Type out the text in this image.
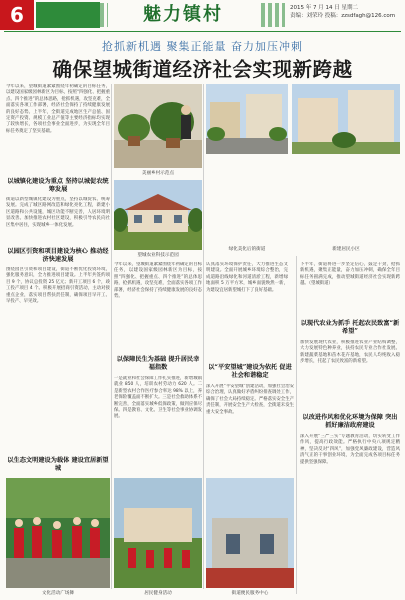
6	魅力镇村	2015 年 7 月 14 日 星期二
责编：刘荣玲 投稿：zzsdfagh@126.com
抢抓新机遇 聚集正能量 奋力加压冲刺
确保望城街道经济社会实现新跨越
今年以来，望城街道紧紧围绕年初确定的目标任务，以建设国家级园林新区为目标，按照“四强化、把握重点、四个推进”的总体思路，抢抓机遇，攻坚克难，全面落实各项工作部署，经济社会保持了持续健康发展的良好态势。上半年，全街道完成地区生产总值、固定资产投资、规模工业总产值等主要经济指标均实现了较快增长，各项社会事业全面进步，为实现全年目标任务奠定了坚实基础。
以城镇化建设为重点 坚持以城促农统筹发展
街道以新型城镇化建设为重点，坚持以城促农、统筹发展。完成了城区路网改造和绿化亮化工程，新建小区道路和公共设施，城区功能不断完善，人居环境明显改善。加快推进农村社区建设，积极引导农民向社区集中居住，实现城乡一体化发展。
以园区引资和项目建设为核心 推动经济快速发展
围绕园区引资和项目建设，街道不断优化投资环境，强化服务意识，全力推进项目建设。上半年共签约项目 9 个，协议总投资 25 亿元；新开工项目 6 个，竣工投产项目 4 个。积极开展招商引资活动，主动对接重点企业，落实项目帮扶责任制，确保项目早开工、早投产、早见效。
以生态文明建设为载体 建设宜居新望城
美丽乡村示范点
望城农业科技示范园
绿化美化后的街道	新建居民小区
今年以来，望城街道紧紧围绕年初确定的目标任务，以建设国家级园林新区为目标，按照“四强化、把握重点、四个推进”的总体思路，抢抓机遇，攻坚克难，全面落实各项工作部署，经济社会保持了持续健康发展的良好态势。
以保障民生为基础 提升居民幸福指数
一是就业和社会保障工作扎实推进，新增城镇就业 850 人，培训农村劳动力 620 人。二是新型农村合作医疗参合率达 98% 以上，养老保险覆盖面不断扩大。三是社会救助体系不断完善，全面落实城乡低保政策，做到应保尽保。四是教育、文化、卫生等社会事业协调发展。
认真落实环境保护责任，大力推进生态文明建设。全面开展城乡环境综合整治，完成道路沿线绿化和河道清淤工程，新增绿地面积 5 万平方米，城乡面貌焕然一新，为建设宜居新望城打下了良好基础。
以“平安望城”建设为依托 促进社会和谐稳定
深入开展“平安望城”创建活动，加强社会治安综合治理，认真做好矛盾纠纷排查调处工作，确保了社会大局持续稳定。严格落实安全生产责任制，开展安全生产大检查，全街道未发生重大安全事故。
下半年，街道将进一步坚定信心，鼓足干劲，抢抓新机遇，聚集正能量，奋力加压冲刺，确保全年目标任务圆满完成，推动望城街道经济社会实现新跨越。（望城街道）
以现代农业为抓手 托起农民致富“新希望”
加快发展现代农业，积极推进农业产业结构调整，大力发展特色种养业，扶持农民专业合作社发展。新建蔬菜基地和苗木花卉基地，农民人均纯收入稳步增长，托起了农民致富的新希望。
以改进作风和优化环境为保障 突出抓好廉洁政府建设
深入开展“三严三实”专题教育活动，切实转变工作作风，提高行政效能。严格执行中央八项规定精神，坚决反对“四风”，加强党风廉政建设，营造风清气正的干事创业环境，为全面完成各项目标任务提供坚强保障。
文化活动广场舞	居民健身活动	街道便民服务中心
